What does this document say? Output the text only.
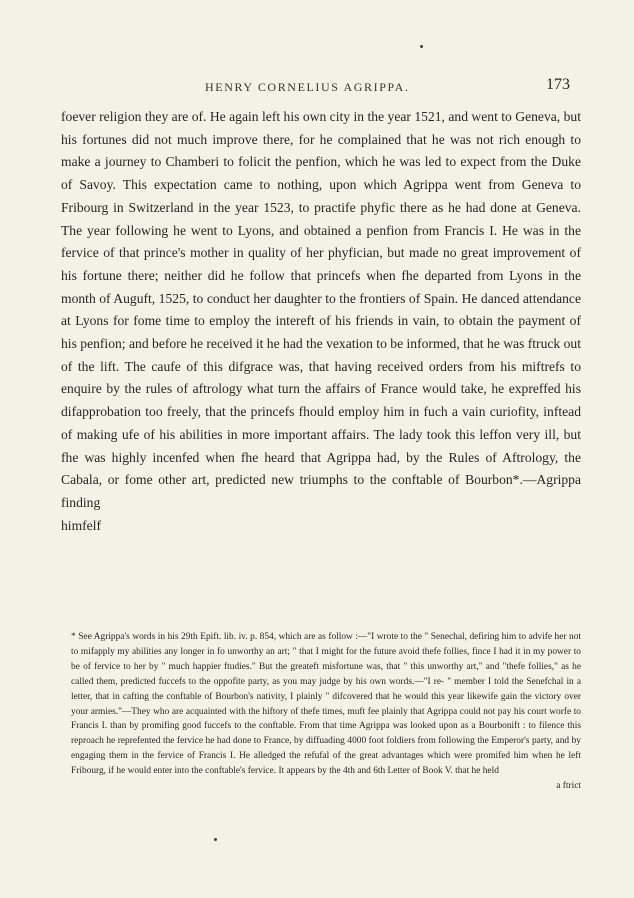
HENRY CORNELIUS AGRIPPA.	173

foever religion they are of. He again left his own city in the year 1521, and went to Geneva, but his fortunes did not much improve there, for he complained that he was not rich enough to make a journey to Chamberi to folicit the penfion, which he was led to expect from the Duke of Savoy. This expectation came to nothing, upon which Agrippa went from Geneva to Fribourg in Switzerland in the year 1523, to practife phyfic there as he had done at Geneva. The year following he went to Lyons, and obtained a penfion from Francis I. He was in the fervice of that prince's mother in quality of her phyfician, but made no great improvement of his fortune there; neither did he follow that princefs when fhe departed from Lyons in the month of Auguft, 1525, to conduct her daughter to the frontiers of Spain. He danced attendance at Lyons for fome time to employ the intereft of his friends in vain, to obtain the payment of his penfion; and before he received it he had the vexation to be informed, that he was ftruck out of the lift. The caufe of this difgrace was, that having received orders from his miftrefs to enquire by the rules of aftrology what turn the affairs of France would take, he expreffed his difapprobation too freely, that the princefs fhould employ him in fuch a vain curiofity, inftead of making ufe of his abilities in more important affairs. The lady took this leffon very ill, but fhe was highly incenfed when fhe heard that Agrippa had, by the Rules of Aftrology, the Cabala, or fome other art, predicted new triumphs to the conftable of Bourbon*.—Agrippa finding

himfelf

* See Agrippa's words in his 29th Epift. lib. iv. p. 854, which are as follow :—"I wrote to the " Senechal, defiring him to advife her not to mifapply my abilities any longer in fo unworthy an art; " that I might for the future avoid thefe follies, fince I had it in my power to be of fervice to her by " much happier ftudies." But the greateft misfortune was, that " this unworthy art," and "thefe follies," as he called them, predicted fuccefs to the oppofite party, as you may judge by his own words.—"I re- " member I told the Senefchal in a letter, that in cafting the conftable of Bourbon's nativity, I plainly " difcovered that he would this year likewife gain the victory over your armies."—They who are acquainted with the hiftory of thefe times, muft fee plainly that Agrippa could not pay his court worfe to Francis I. than by promifing good fuccefs to the conftable. From that time Agrippa was looked upon as a Bourbonift : to filence this reproach he reprefented the fervice he had done to France, by diffuading 4000 foot foldiers from following the Emperor's party, and by engaging them in the fervice of Francis I. He alledged the refufal of the great advantages which were promifed him when he left Fribourg, if he would enter into the conftable's fervice. It appears by the 4th and 6th Letter of Book V. that he held

a ftrict
